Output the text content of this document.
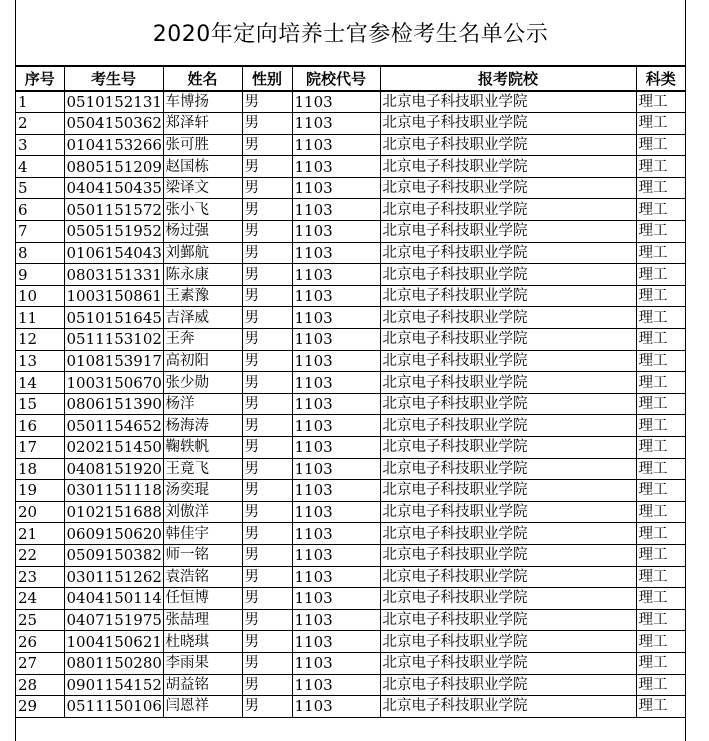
2020年定向培养士官参检考生名单公示
序号	考生号	姓名	性别	院校代号	报考院校	科类
1	0510152131	车博扬	男	1103	北京电子科技职业学院	理工
2	0504150362	郑泽轩	男	1103	北京电子科技职业学院	理工
3	0104153266	张可胜	男	1103	北京电子科技职业学院	理工
4	0805151209	赵国栋	男	1103	北京电子科技职业学院	理工
5	0404150435	梁译文	男	1103	北京电子科技职业学院	理工
6	0501151572	张小飞	男	1103	北京电子科技职业学院	理工
7	0505151952	杨过强	男	1103	北京电子科技职业学院	理工
8	0106154043	刘鄞航	男	1103	北京电子科技职业学院	理工
9	0803151331	陈永康	男	1103	北京电子科技职业学院	理工
10	1003150861	王素豫	男	1103	北京电子科技职业学院	理工
11	0510151645	吉泽威	男	1103	北京电子科技职业学院	理工
12	0511153102	王奔	男	1103	北京电子科技职业学院	理工
13	0108153917	高初阳	男	1103	北京电子科技职业学院	理工
14	1003150670	张少勋	男	1103	北京电子科技职业学院	理工
15	0806151390	杨洋	男	1103	北京电子科技职业学院	理工
16	0501154652	杨海涛	男	1103	北京电子科技职业学院	理工
17	0202151450	鞠轶帆	男	1103	北京电子科技职业学院	理工
18	0408151920	王竟飞	男	1103	北京电子科技职业学院	理工
19	0301151118	汤奕琨	男	1103	北京电子科技职业学院	理工
20	0102151688	刘傲洋	男	1103	北京电子科技职业学院	理工
21	0609150620	韩佳宇	男	1103	北京电子科技职业学院	理工
22	0509150382	师一铭	男	1103	北京电子科技职业学院	理工
23	0301151262	袁浩铭	男	1103	北京电子科技职业学院	理工
24	0404150114	任恒博	男	1103	北京电子科技职业学院	理工
25	0407151975	张喆理	男	1103	北京电子科技职业学院	理工
26	1004150621	杜晓琪	男	1103	北京电子科技职业学院	理工
27	0801150280	李雨果	男	1103	北京电子科技职业学院	理工
28	0901154152	胡益铭	男	1103	北京电子科技职业学院	理工
29	0511150106	闫恩祥	男	1103	北京电子科技职业学院	理工
